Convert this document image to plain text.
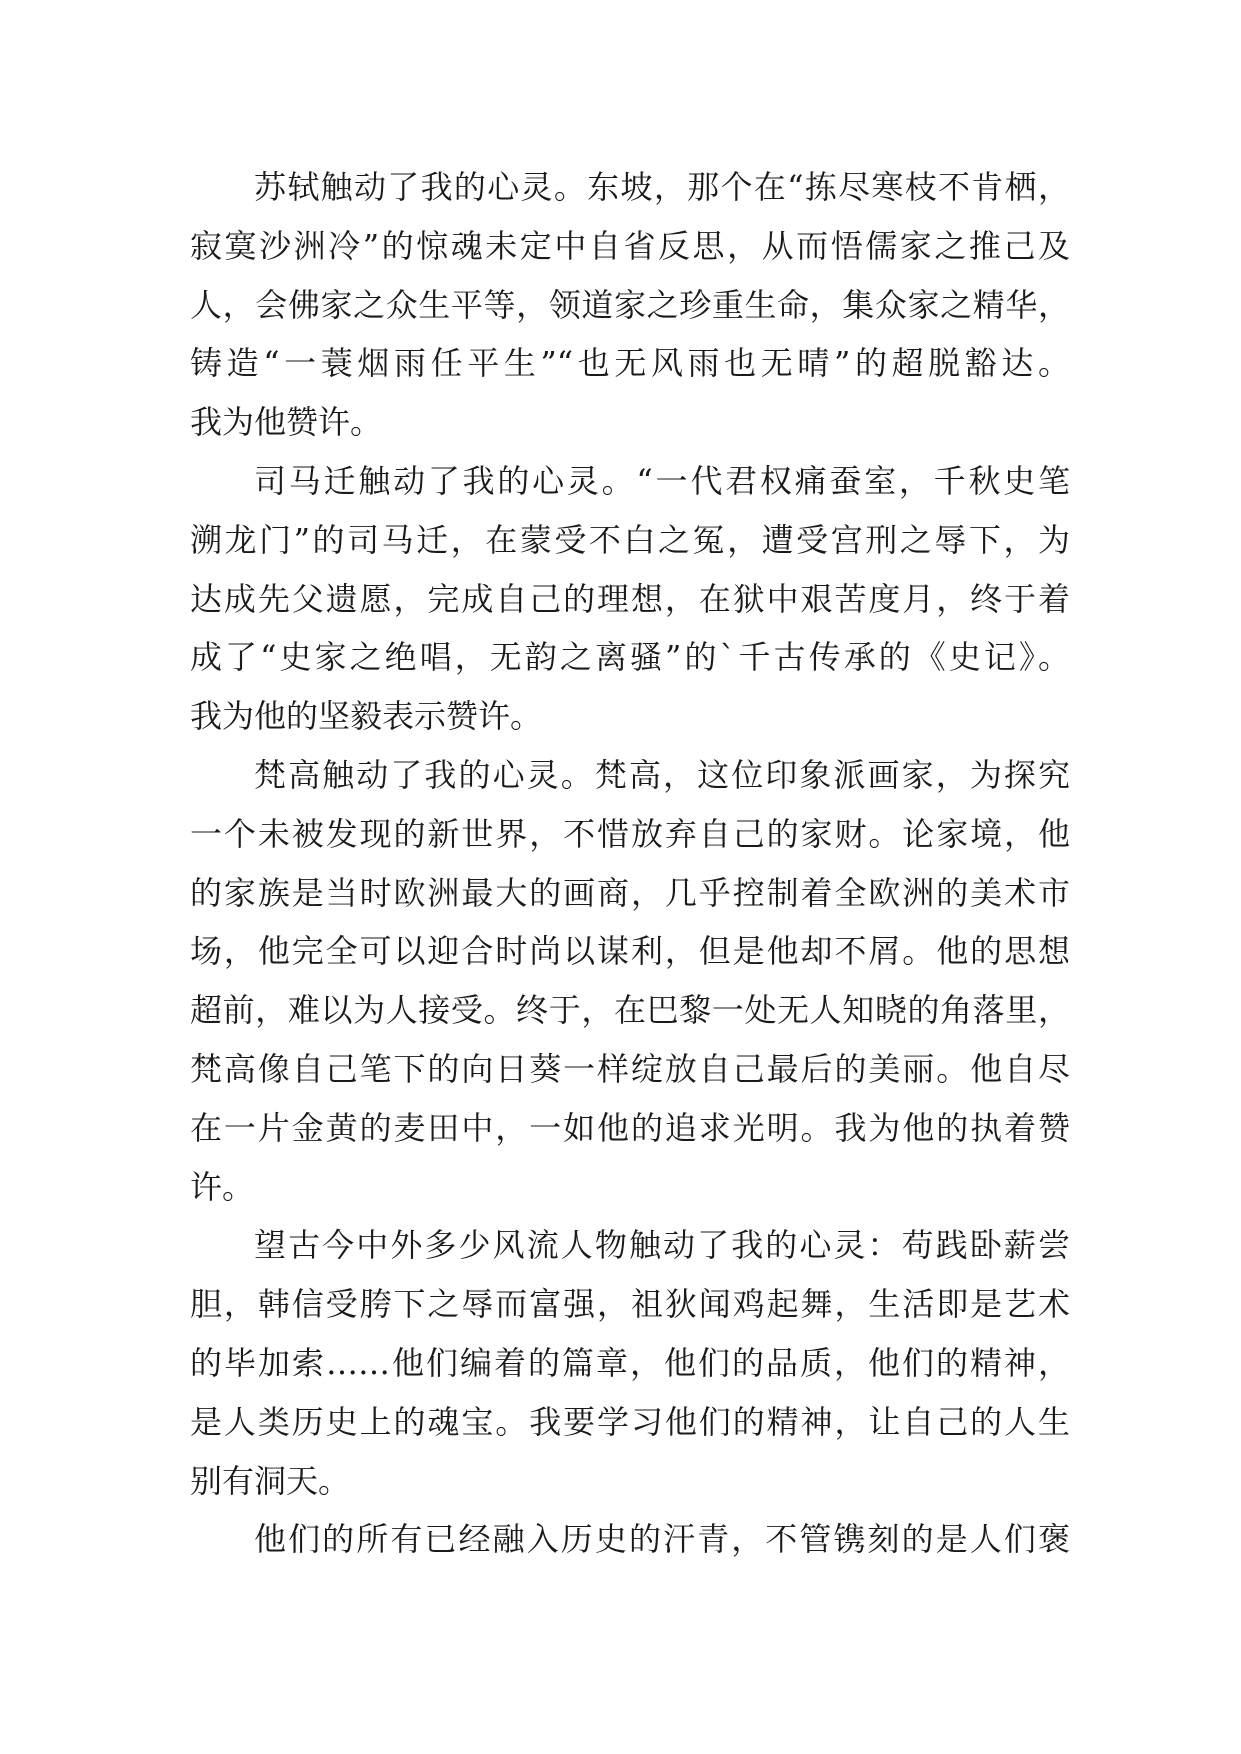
苏轼触动了我的心灵。东坡，那个在“拣尽寒枝不肯栖，
寂寞沙洲冷”的惊魂未定中自省反思，从而悟儒家之推己及
人，会佛家之众生平等，领道家之珍重生命，集众家之精华，
铸造“一蓑烟雨任平生”“也无风雨也无晴”的超脱豁达。
我为他赞许。
司马迁触动了我的心灵。“一代君权痛蚕室，千秋史笔
溯龙门”的司马迁，在蒙受不白之冤，遭受宫刑之辱下，为
达成先父遗愿，完成自己的理想，在狱中艰苦度月，终于着
成了“史家之绝唱，无韵之离骚”的`千古传承的《史记》。
我为他的坚毅表示赞许。
梵高触动了我的心灵。梵高，这位印象派画家，为探究
一个未被发现的新世界，不惜放弃自己的家财。论家境，他
的家族是当时欧洲最大的画商，几乎控制着全欧洲的美术市
场，他完全可以迎合时尚以谋利，但是他却不屑。他的思想
超前，难以为人接受。终于，在巴黎一处无人知晓的角落里，
梵高像自己笔下的向日葵一样绽放自己最后的美丽。他自尽
在一片金黄的麦田中，一如他的追求光明。我为他的执着赞
许。
望古今中外多少风流人物触动了我的心灵：苟践卧薪尝
胆，韩信受胯下之辱而富强，祖狄闻鸡起舞，生活即是艺术
的毕加索……他们编着的篇章，他们的品质，他们的精神，
是人类历史上的魂宝。我要学习他们的精神，让自己的人生
别有洞天。
他们的所有已经融入历史的汗青，不管镌刻的是人们褒
